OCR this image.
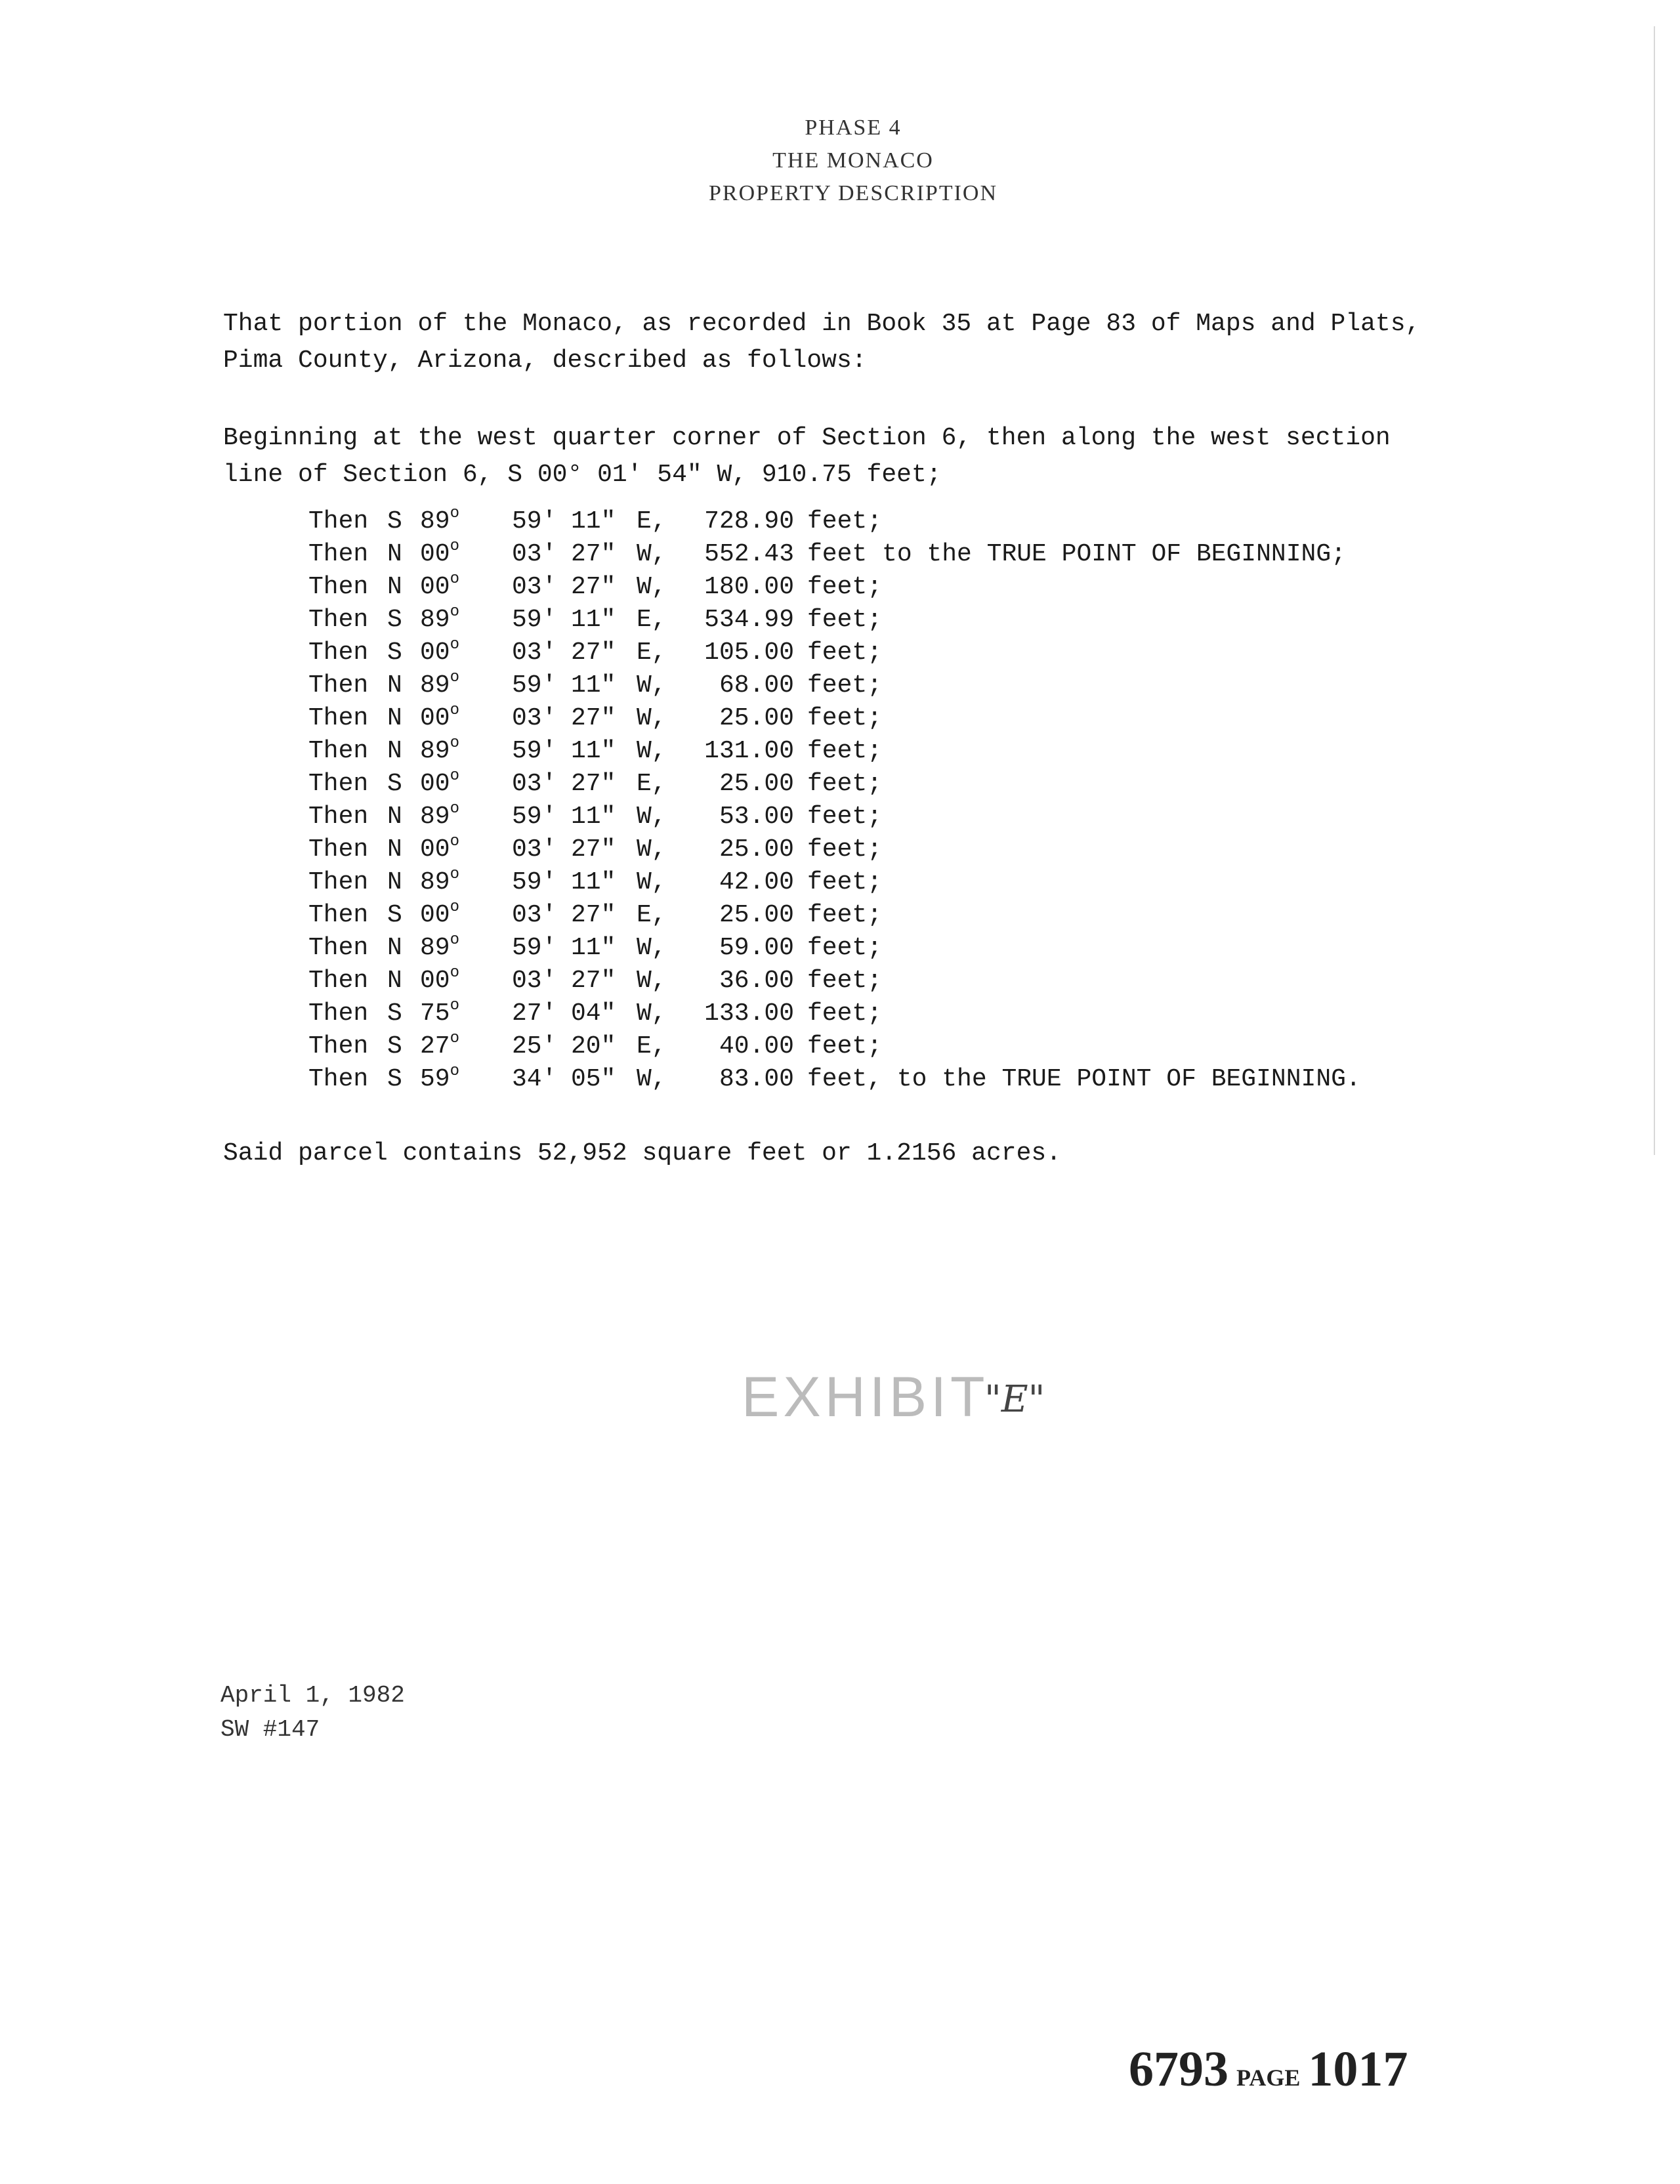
PHASE 4
THE MONACO
PROPERTY DESCRIPTION
That portion of the Monaco, as recorded in Book 35 at Page 83 of Maps and Plats,
Pima County, Arizona, described as follows:
Beginning at the west quarter corner of Section 6, then along the west section
line of Section 6, S 00° 01' 54" W, 910.75 feet;
Then S 89$^o$	59' 11" E,	728.90 feet;
Then N 00$^o$	03' 27" W,	552.43 feet to the TRUE POINT OF BEGINNING;
Then N 00$^o$	03' 27" W,	180.00 feet;
Then S 89$^o$	59' 11" E,	534.99 feet;
Then S 00$^o$	03' 27" E,	105.00 feet;
Then N 89$^o$	59' 11" W,	68.00 feet;
Then N 00$^o$	03' 27" W,	25.00 feet;
Then N 89$^o$	59' 11" W,	131.00 feet;
Then S 00$^o$	03' 27" E,	25.00 feet;
Then N 89$^o$	59' 11" W,	53.00 feet;
Then N 00$^o$	03' 27" W,	25.00 feet;
Then N 89$^o$	59' 11" W,	42.00 feet;
Then S 00$^o$	03' 27" E,	25.00 feet;
Then N 89$^o$	59' 11" W,	59.00 feet;
Then N 00$^o$	03' 27" W,	36.00 feet;
Then S 75$^o$	27' 04" W,	133.00 feet;
Then S 27$^o$	25' 20" E,	40.00 feet;
Then S 59$^o$	34' 05" W,	83.00 feet, to the TRUE POINT OF BEGINNING.
Said parcel contains 52,952 square feet or 1.2156 acres.
EXHIBIT
"E"
April 1, 1982
SW #147
6793 PAGE 1017
